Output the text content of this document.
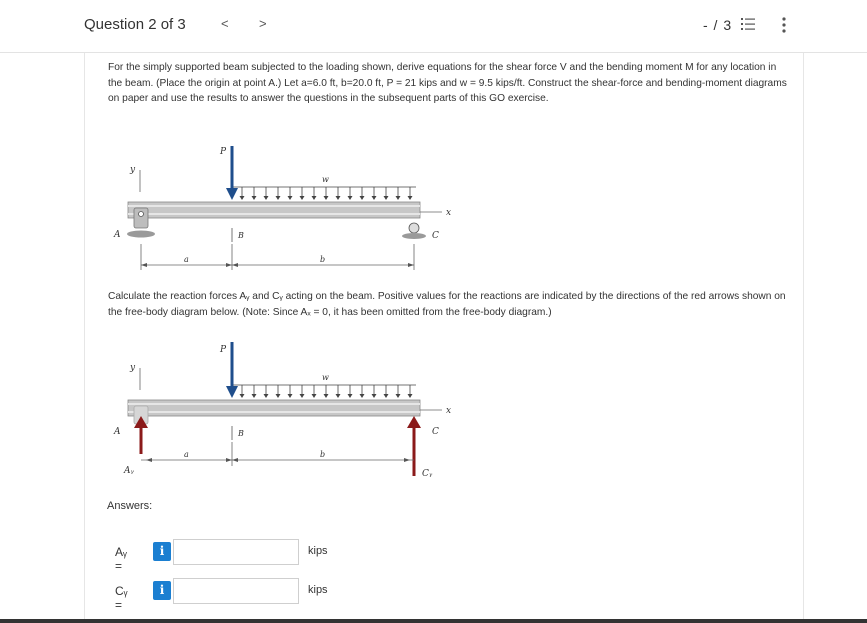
Question 2 of 3	< >	- / 3
For the simply supported beam subjected to the loading shown, derive equations for the shear force V and the bending moment M for any location in the beam. (Place the origin at point A.) Let a=6.0 ft, b=20.0 ft, P = 21 kips and w = 9.5 kips/ft. Construct the shear-force and bending-moment diagrams on paper and use the results to answer the questions in the subsequent parts of this GO exercise.
Calculate the reaction forces Aᵧ and Cᵧ acting on the beam. Positive values for the reactions are indicated by the directions of the red arrows shown on the free-body diagram below. (Note: Since Aₓ = 0, it has been omitted from the free-body diagram.)
w
P
y
x
A	C
B
a	b
w
P
y
x
A
Aᵧ
C
Cᵧ
B
a	b
Answers:
Aᵧ =
i	kips
Cᵧ =
i	kips
